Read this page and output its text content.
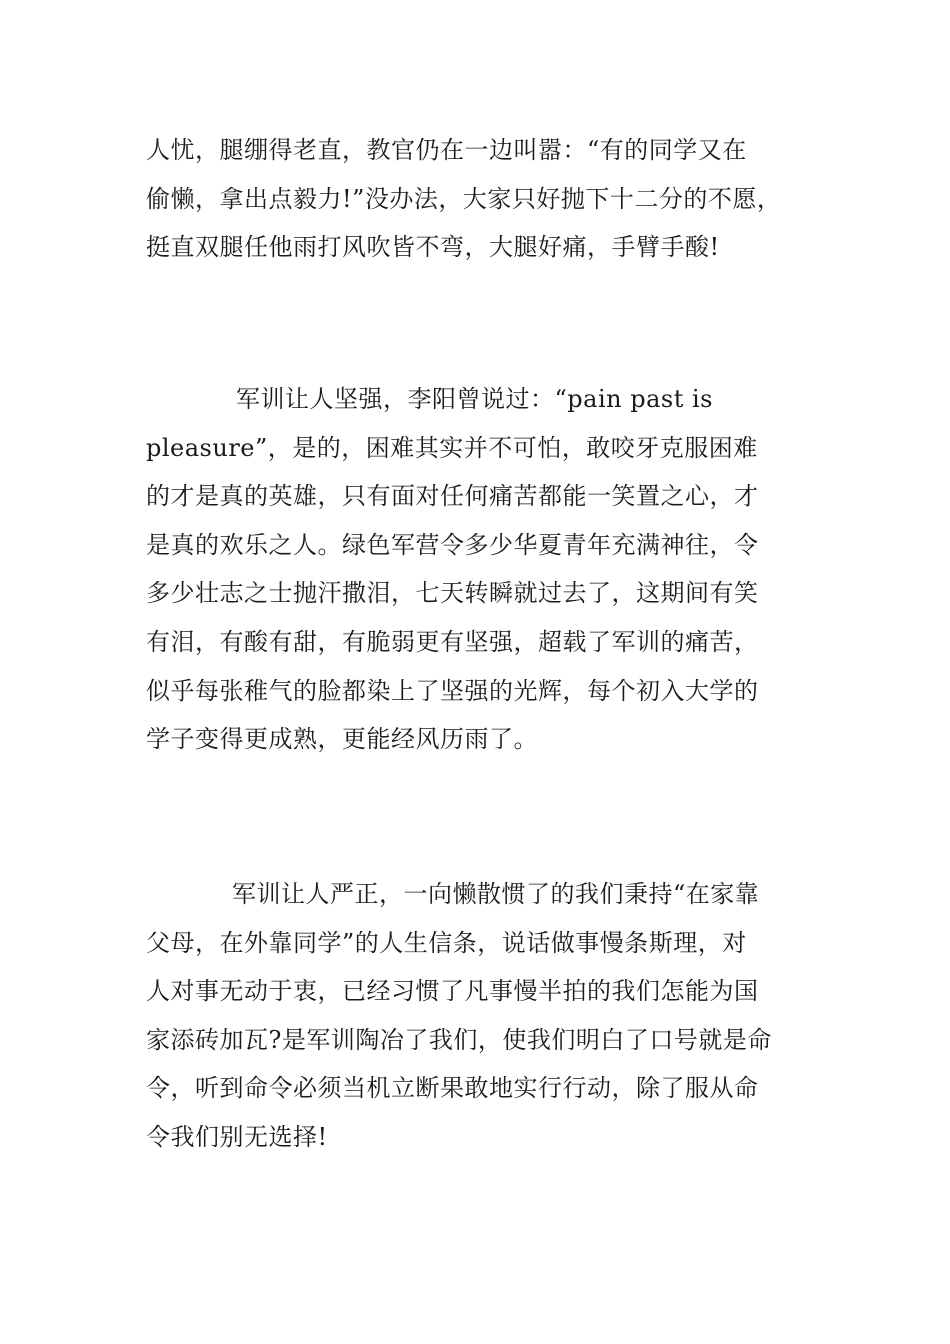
人忧，腿绷得老直，教官仍在一边叫嚣：“有的同学又在
偷懒，拿出点毅力!”没办法，大家只好抛下十二分的不愿，
挺直双腿任他雨打风吹皆不弯，大腿好痛，手臂手酸!
军训让人坚强，李阳曾说过：“pain past is
pleasure”，是的，困难其实并不可怕，敢咬牙克服困难
的才是真的英雄，只有面对任何痛苦都能一笑置之心，才
是真的欢乐之人。绿色军营令多少华夏青年充满神往，令
多少壮志之士抛汗撒泪，七天转瞬就过去了，这期间有笑
有泪，有酸有甜，有脆弱更有坚强，超载了军训的痛苦，
似乎每张稚气的脸都染上了坚强的光辉，每个初入大学的
学子变得更成熟，更能经风历雨了。
军训让人严正，一向懒散惯了的我们秉持“在家靠
父母，在外靠同学”的人生信条，说话做事慢条斯理，对
人对事无动于衷，已经习惯了凡事慢半拍的我们怎能为国
家添砖加瓦?是军训陶冶了我们，使我们明白了口号就是命
令，听到命令必须当机立断果敢地实行行动，除了服从命
令我们别无选择!
